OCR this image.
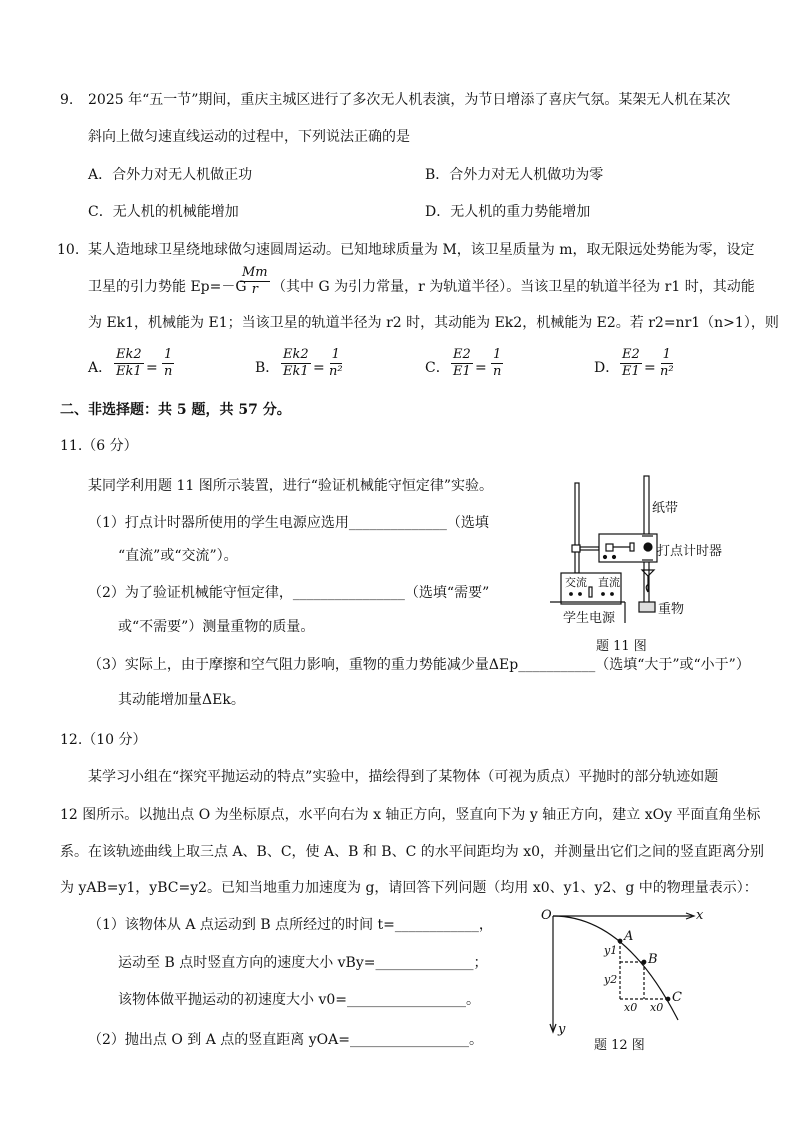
9. 2025 年“五一节”期间，重庆主城区进行了多次无人机表演，为节日增添了喜庆气氛。某架无人机在某次
斜向上做匀速直线运动的过程中，下列说法正确的是
A．合外力对无人机做正功	B．合外力对无人机做功为零
C．无人机的机械能增加	D．无人机的重力势能增加
10. 某人造地球卫星绕地球做匀速圆周运动。已知地球质量为 M，该卫星质量为 m，取无限远处势能为零，设定
卫星的引力势能 Ep=－G
$\frac{Mm}{r}$ （其中 G 为引力常量，r 为轨道半径）。当该卫星的轨道半径为 r1 时，其动能
为 Ek1，机械能为 E1；当该卫星的轨道半径为 r2 时，其动能为 Ek2，机械能为 E2。若 r2=nr1（n>1），则
A． $\frac{Ek2}{Ek1} = \frac{1}{n}$	B． $\frac{Ek2}{Ek1} = \frac{1}{\text{n²}}$	C． $\frac{E2}{E1} = \frac{1}{n}$	D． $\frac{E2}{E1} = \frac{1}{\text{n²}}$
二、非选择题：共 5 题，共 57 分。
11.（6 分）
某同学利用题 11 图所示装置，进行“验证机械能守恒定律”实验。
（1）打点计时器所使用的学生电源应选用______________（选填
“直流”或“交流”）。
（2）为了验证机械能守恒定律，________________（选填“需要”
或“不需要”）测量重物的质量。
（3）实际上，由于摩擦和空气阻力影响，重物的重力势能减少量ΔEp___________（选填“大于”或“小于”）
其动能增加量ΔEk。
纸带
打点计时器
重物
学生电源
交流 直流
题 11 图
12.（10 分）
某学习小组在“探究平抛运动的特点”实验中，描绘得到了某物体（可视为质点）平抛时的部分轨迹如题
12 图所示。以抛出点 O 为坐标原点，水平向右为 x 轴正方向，竖直向下为 y 轴正方向，建立 xOy 平面直角坐标
系。在该轨迹曲线上取三点 A、B、C，使 A、B 和 B、C 的水平间距均为 x0，并测量出它们之间的竖直距离分别
为 yAB=y1，yBC=y2。已知当地重力加速度为 g，请回答下列问题（均用 x0、y1、y2、g 中的物理量表示）：
（1）该物体从 A 点运动到 B 点所经过的时间 t=____________，
运动至 B 点时竖直方向的速度大小 vBy=______________；
该物体做平抛运动的初速度大小 v0=_________________。
（2）抛出点 O 到 A 点的竖直距离 yOA=_________________。
O	x
y
A
B
C
y1
y2
x0 x0
题 12 图
